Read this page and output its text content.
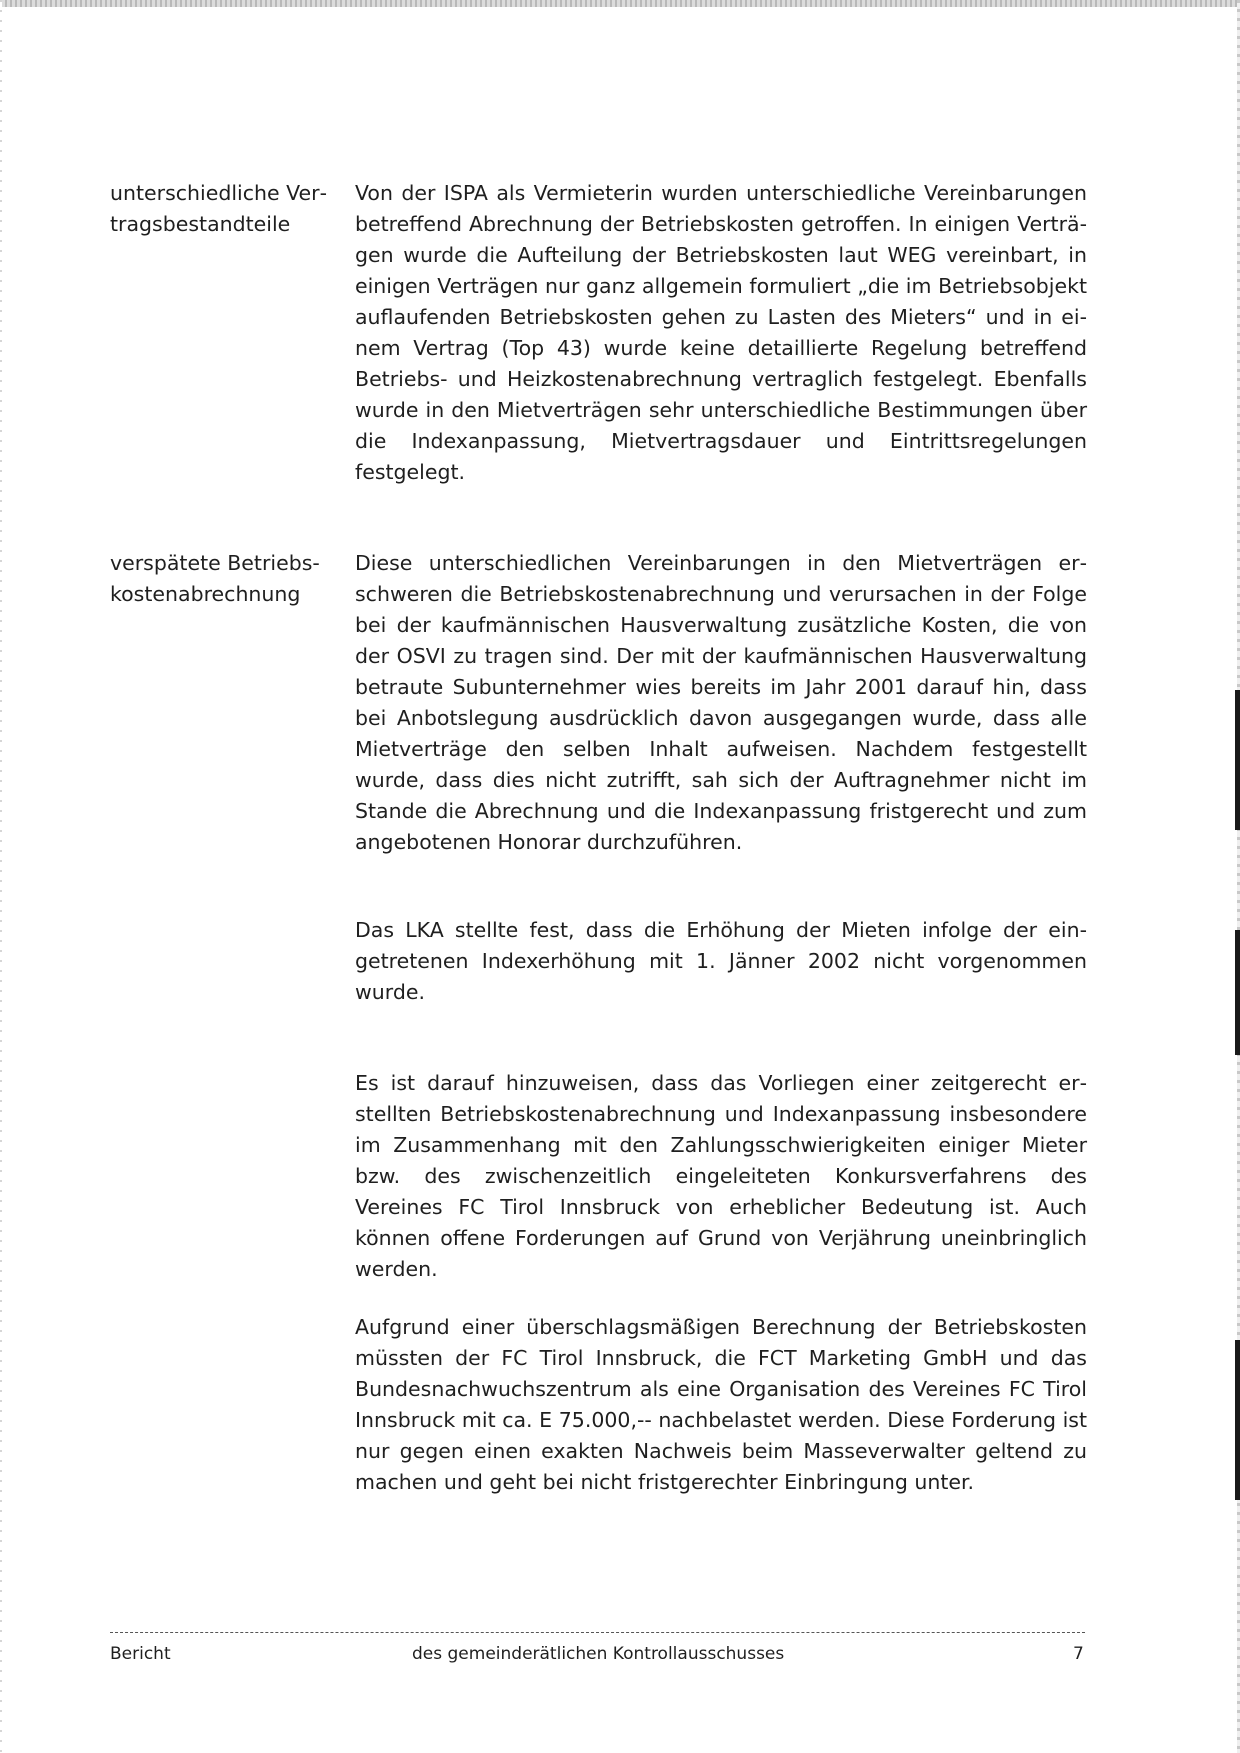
unterschiedliche Vertragsbestandteile

Von der ISPA als Vermieterin wurden unterschiedliche Vereinbarungen betreffend Abrechnung der Betriebskosten getroffen. In einigen Verträgen wurde die Aufteilung der Betriebskosten laut WEG vereinbart, in einigen Verträgen nur ganz allgemein formuliert „die im Betriebsobjekt auflaufenden Betriebskosten gehen zu Lasten des Mieters“ und in einem Vertrag (Top 43) wurde keine detaillierte Regelung betreffend Betriebs- und Heizkostenabrechnung vertraglich festgelegt. Ebenfalls wurde in den Mietverträgen sehr unterschiedliche Bestimmungen über die Indexanpassung, Mietvertragsdauer und Eintrittsregelungen festgelegt.

verspätete Betriebskostenabrechnung

Diese unterschiedlichen Vereinbarungen in den Mietverträgen erschweren die Betriebskostenabrechnung und verursachen in der Folge bei der kaufmännischen Hausverwaltung zusätzliche Kosten, die von der OSVI zu tragen sind. Der mit der kaufmännischen Hausverwaltung betraute Subunternehmer wies bereits im Jahr 2001 darauf hin, dass bei Anbotslegung ausdrücklich davon ausgegangen wurde, dass alle Mietverträge den selben Inhalt aufweisen. Nachdem festgestellt wurde, dass dies nicht zutrifft, sah sich der Auftragnehmer nicht im Stande die Abrechnung und die Indexanpassung fristgerecht und zum angebotenen Honorar durchzuführen.

Das LKA stellte fest, dass die Erhöhung der Mieten infolge der eingetretenen Indexerhöhung mit 1. Jänner 2002 nicht vorgenommen wurde.

Es ist darauf hinzuweisen, dass das Vorliegen einer zeitgerecht erstellten Betriebskostenabrechnung und Indexanpassung insbesondere im Zusammenhang mit den Zahlungsschwierigkeiten einiger Mieter bzw. des zwischenzeitlich eingeleiteten Konkursverfahrens des Vereines FC Tirol Innsbruck von erheblicher Bedeutung ist. Auch können offene Forderungen auf Grund von Verjährung uneinbringlich werden.

Aufgrund einer überschlagsmäßigen Berechnung der Betriebskosten müssten der FC Tirol Innsbruck, die FCT Marketing GmbH und das Bundesnachwuchszentrum als eine Organisation des Vereines FC Tirol Innsbruck mit ca. E 75.000,-- nachbelastet werden. Diese Forderung ist nur gegen einen exakten Nachweis beim Masseverwalter geltend zu machen und geht bei nicht fristgerechter Einbringung unter.

Bericht	des gemeinderätlichen Kontrollausschusses	7
